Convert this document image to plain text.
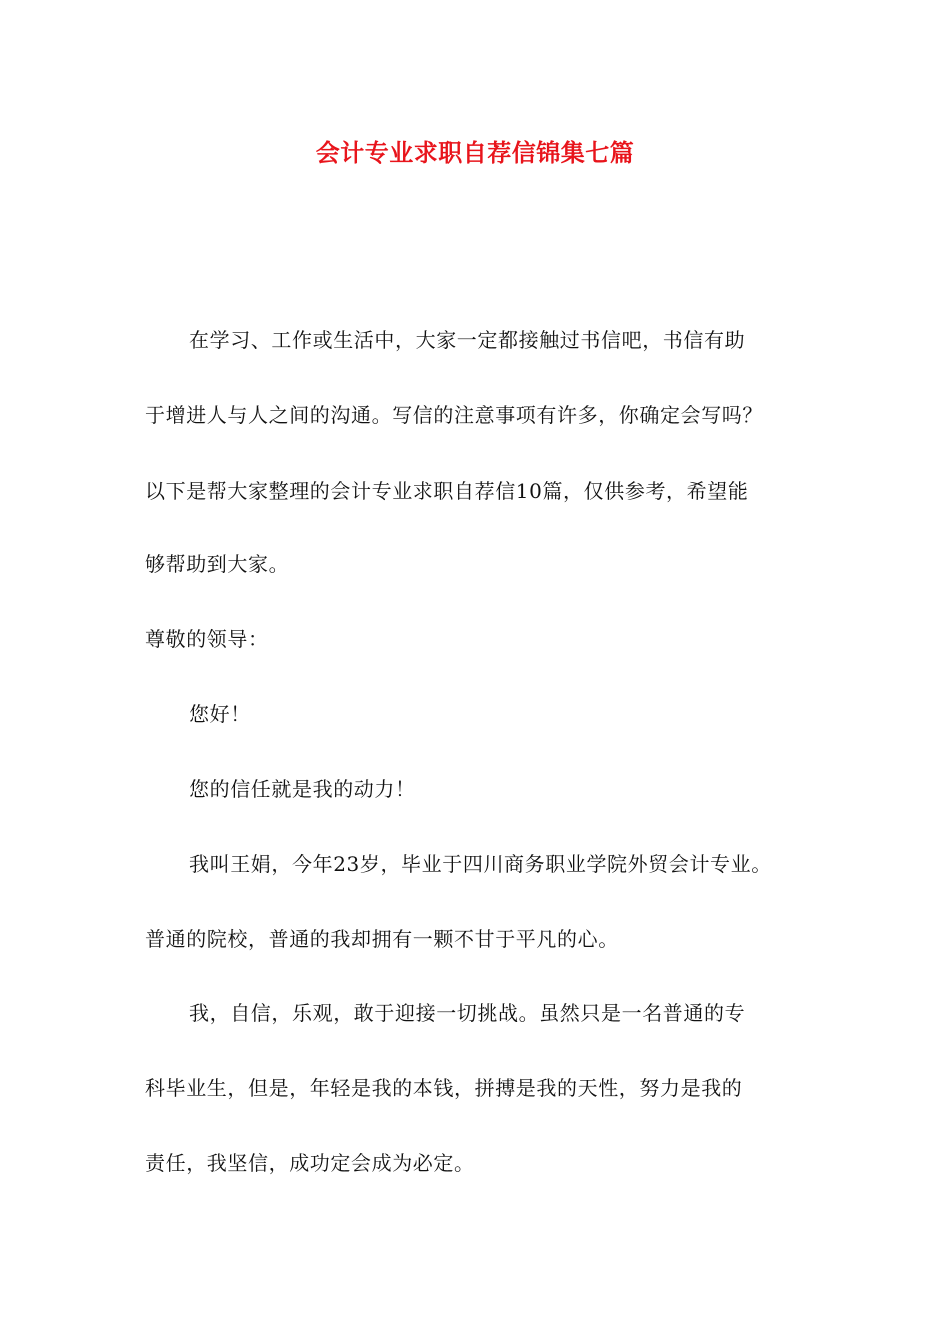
会计专业求职自荐信锦集七篇
在学习、工作或生活中，大家一定都接触过书信吧，书信有助
于增进人与人之间的沟通。写信的注意事项有许多，你确定会写吗？
以下是帮大家整理的会计专业求职自荐信10篇，仅供参考，希望能
够帮助到大家。
尊敬的领导：
您好！
您的信任就是我的动力！
我叫王娟，今年23岁，毕业于四川商务职业学院外贸会计专业。
普通的院校，普通的我却拥有一颗不甘于平凡的心。
我，自信，乐观，敢于迎接一切挑战。虽然只是一名普通的专
科毕业生，但是，年轻是我的本钱，拼搏是我的天性，努力是我的
责任，我坚信，成功定会成为必定。
